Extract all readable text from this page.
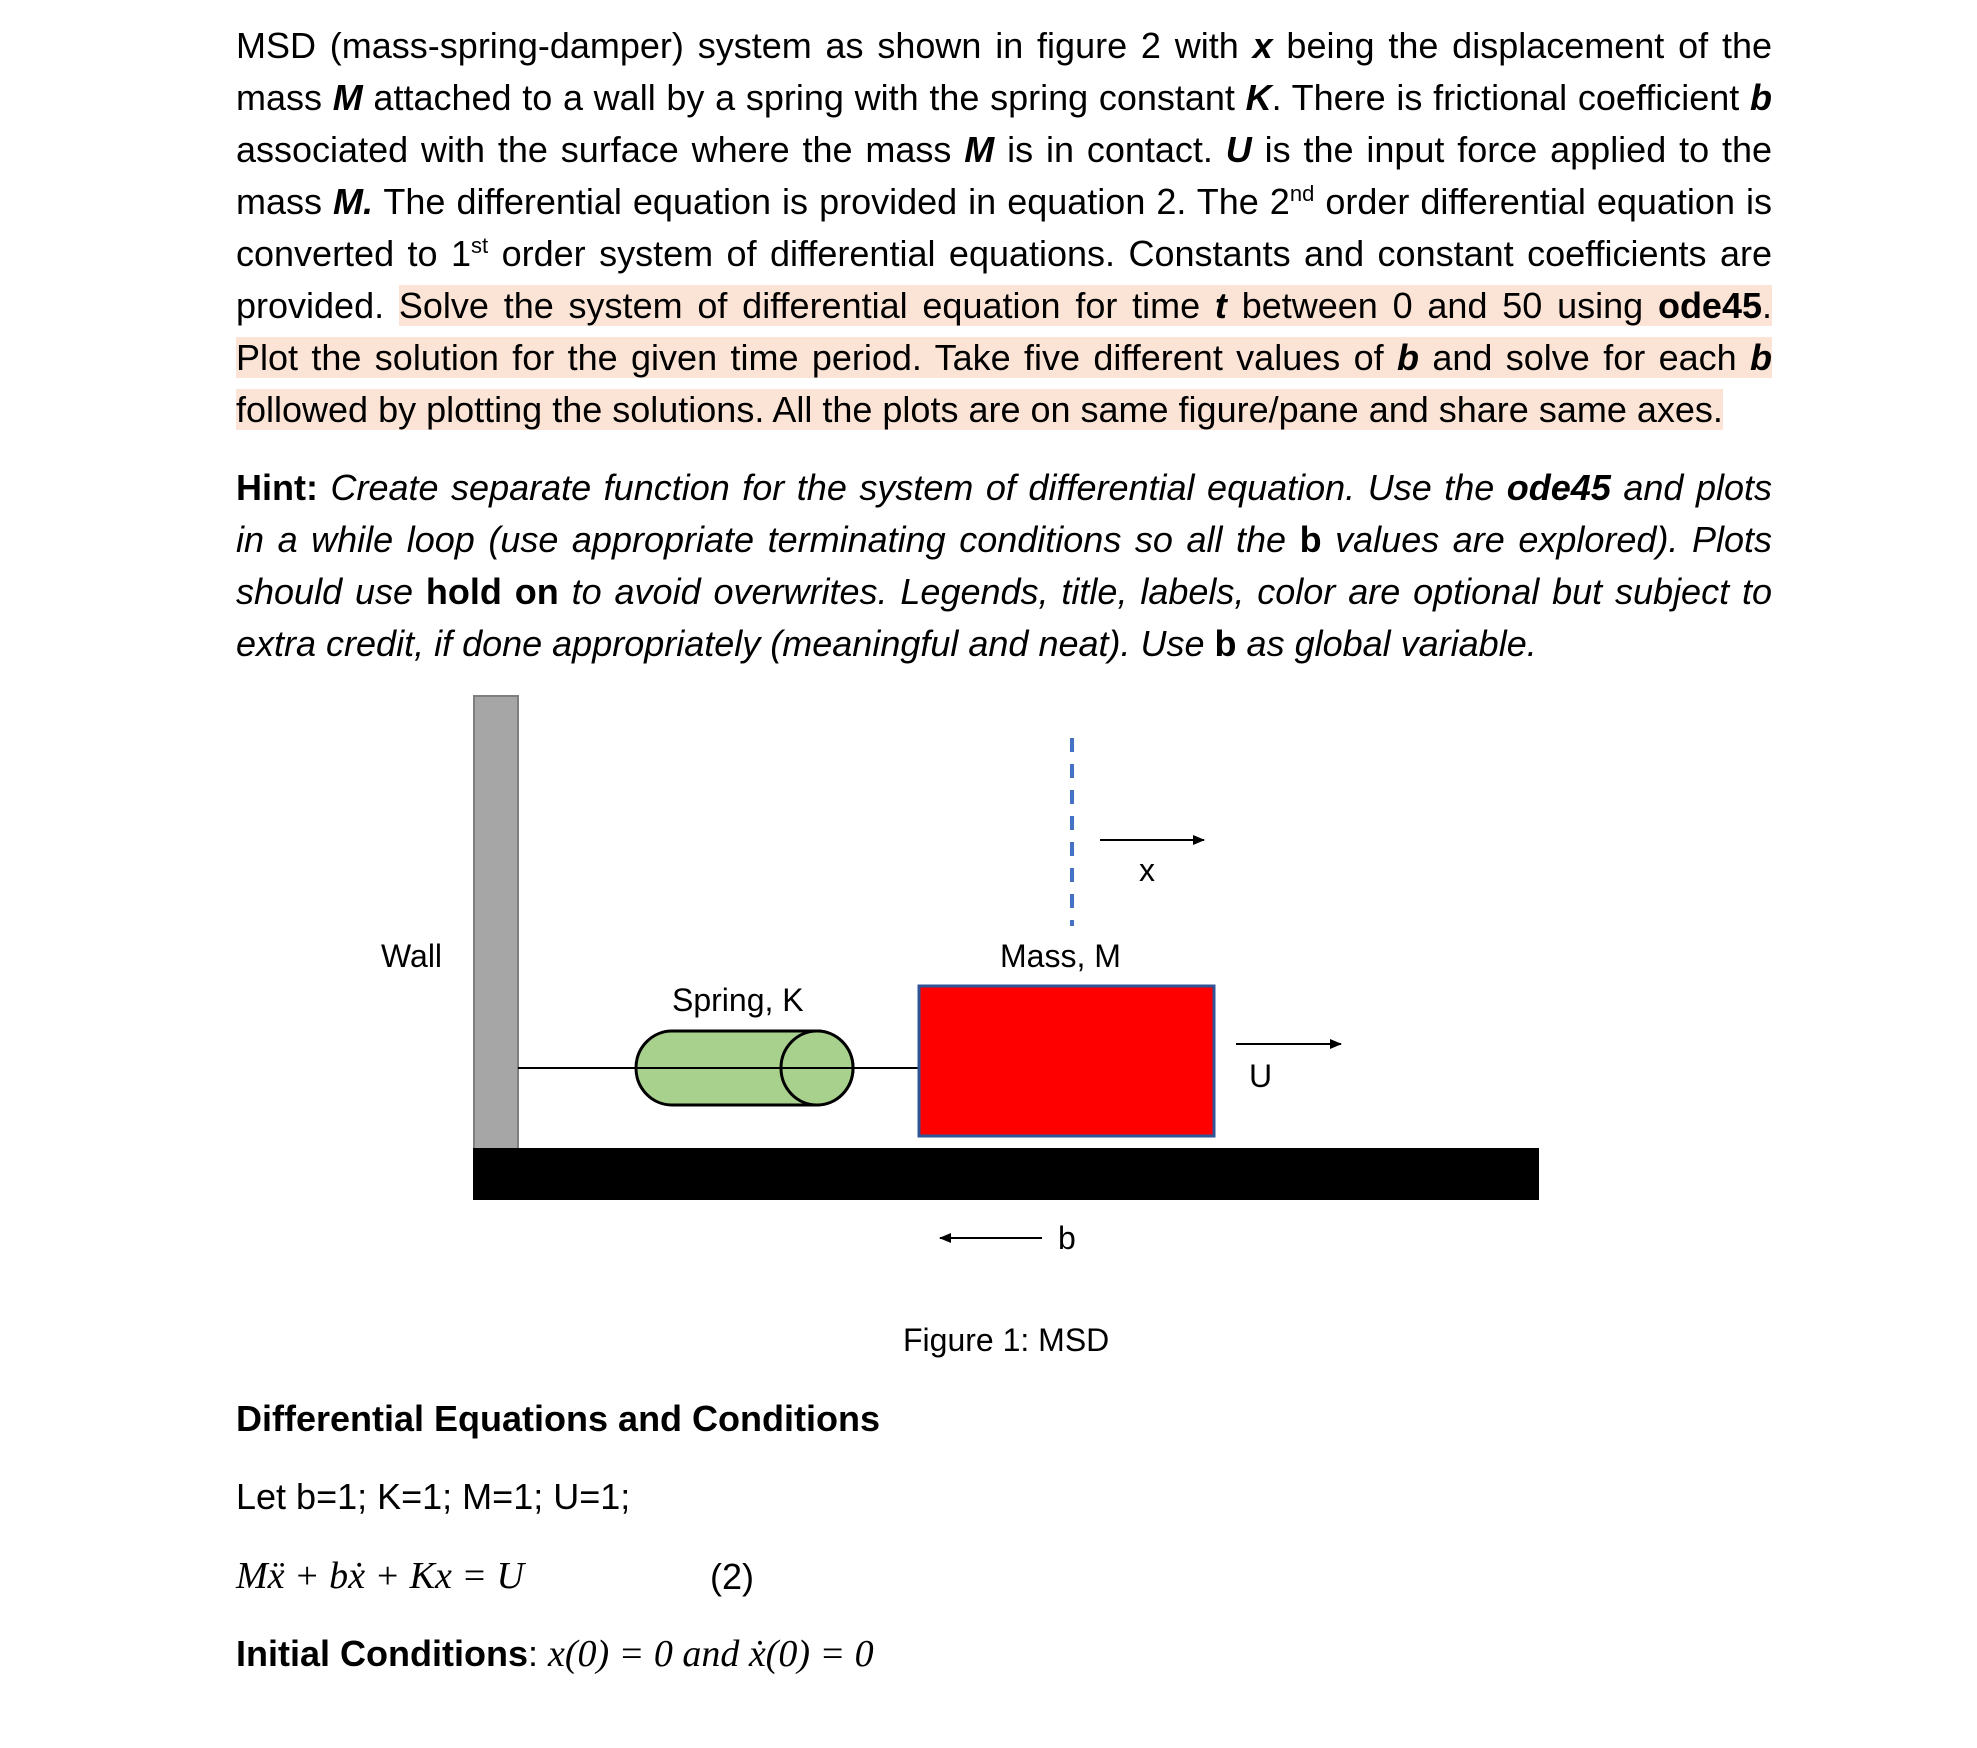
MSD (mass-spring-damper) system as shown in figure 2 with x being the displacement of the mass M attached to a wall by a spring with the spring constant K. There is frictional coefficient b associated with the surface where the mass M is in contact. U is the input force applied to the mass M. The differential equation is provided in equation 2. The 2nd order differential equation is converted to 1st order system of differential equations. Constants and constant coefficients are provided. Solve the system of differential equation for time t between 0 and 50 using ode45. Plot the solution for the given time period. Take five different values of b and solve for each b followed by plotting the solutions. All the plots are on same figure/pane and share same axes.
Hint: Create separate function for the system of differential equation. Use the ode45 and plots in a while loop (use appropriate terminating conditions so all the b values are explored). Plots should use hold on to avoid overwrites. Legends, title, labels, color are optional but subject to extra credit, if done appropriately (meaningful and neat). Use b as global variable.
Wall
Spring, K
Mass, M
x
U
b
Figure 1: MSD
Differential Equations and Conditions
Let b=1; K=1; M=1; U=1;
Mẍ + bẋ + Kx = U	(2)
Initial Conditions: x(0) = 0 and ẋ(0) = 0
